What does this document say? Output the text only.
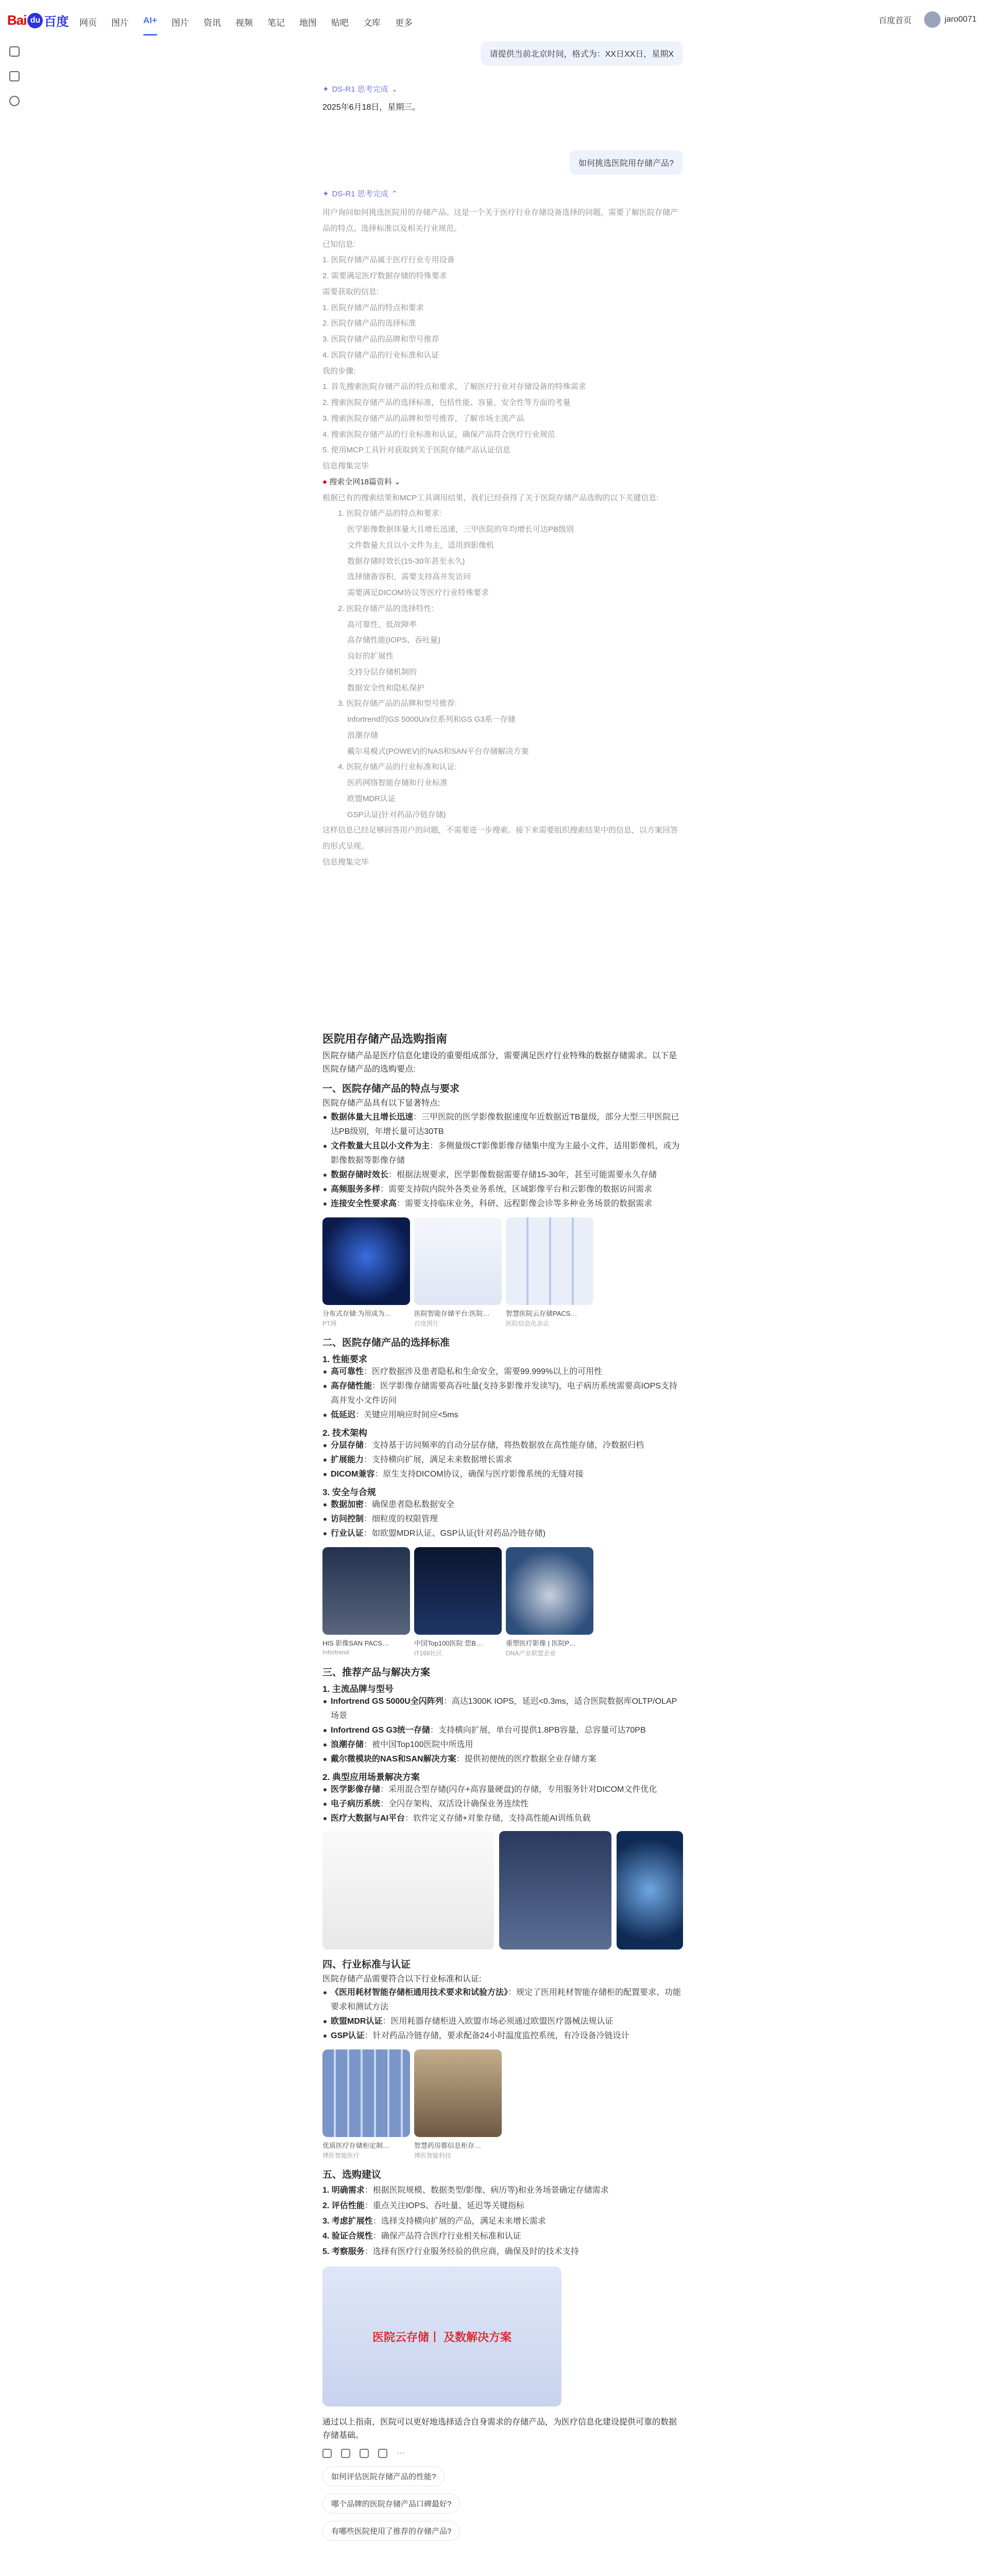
Bai du 百度	网页	图片	AI+	图片	资讯	视频	笔记	地图	贴吧	文库	更多	百度首页	jaro0071
请提供当前北京时间，格式为：XX日XX日，星期X
✦ DS-R1 思考完成 ⌄

2025年6月18日，星期三。

如何挑选医院用存储产品?
✦ DS-R1 思考完成 ⌃
用户询问如何挑选医院用的存储产品。这是一个关于医疗行业存储设备选择的问题，需要了解医院存储产品的特点、选择标准以及相关行业规范。
已知信息:
1. 医院存储产品属于医疗行业专用设备
2. 需要满足医疗数据存储的特殊要求
需要获取的信息:
1. 医院存储产品的特点和要求
2. 医院存储产品的选择标准
3. 医院存储产品的品牌和型号推荐
4. 医院存储产品的行业标准和认证
我的步骤:
1. 首先搜索医院存储产品的特点和要求，了解医疗行业对存储设备的特殊需求
2. 搜索医院存储产品的选择标准，包括性能、容量、安全性等方面的考量
3. 搜索医院存储产品的品牌和型号推荐，了解市场主流产品
4. 搜索医院存储产品的行业标准和认证，确保产品符合医疗行业规范
5. 使用MCP工具针对获取到关于医院存储产品认证信息
信息搜集完毕
● 搜索全网18篇资料 ⌄
根据已有的搜索结果和MCP工具调用结果，我们已经获得了关于医院存储产品选购的以下关键信息:
1. 医院存储产品的特点和要求:
医学影像数据体量大且增长迅速，三甲医院的年均增长可达PB级别
文件数量大且以小文件为主，适用到影像机
数据存储时效长(15-30年甚至永久)
选择储备容积，需要支持高并发访问
需要满足DICOM协议等医疗行业特殊要求
2. 医院存储产品的选择特性:
高可靠性、低故障率
高存储性能(IOPS、吞吐量)
良好的扩展性
支持分层存储机制的
数据安全性和隐私保护
3. 医院存储产品的品牌和型号推荐:
Infortrend的GS 5000U/x位系列和GS G3系一存储
浪潮存储
戴尔易模式(POWEV)的NAS和SAN平台存储解决方案
4. 医院存储产品的行业标准和认证:
医药网络智能存储和行业标准
欧盟MDR认证
GSP认证(针对药品冷链存储)
这样信息已经足够回答用户的问题，不需要进一步搜索。接下来需要组织搜索结果中的信息，以方案回答的形式呈现。
信息搜集完毕
医院用存储产品选购指南

医院存储产品是医疗信息化建设的重要组成部分，需要满足医疗行业特殊的数据存储需求。以下是医院存储产品的选购要点:

一、医院存储产品的特点与要求

医院存储产品具有以下显著特点:

数据体量大且增长迅速：三甲医院的医学影像数据速度年近数据近TB量级，部分大型三甲医院已达PB级别，年增长量可达30TB
文件数量大且以小文件为主：多侧量级CT影像影像存储集中度为主最小文件，适用影像机，或为影像数据等影像存储
数据存储时效长：根据法规要求，医学影像数据需要存储15-30年，甚至可能需要永久存储
高频服务多样：需要支持院内院外各类业务系统，区域影像平台和云影像的数据访问需求
连接安全性要求高：需要支持临床业务，科研、远程影像会诊等多种业务场景的数据需求
分布式存储:为用成为…
PT网
医院智能存储平台:医院…
百度图片
智慧医院云存储PACS…
医院信息化杂志
二、医院存储产品的选择标准
1. 性能要求
高可靠性：医疗数据涉及患者隐私和生命安全，需要99.999%以上的可用性
高存储性能：医学影像存储需要高吞吐量(支持多影像并发读写)，电子病历系统需要高IOPS支持高并发小文件访问
低延迟：关键应用响应时间应<5ms
2. 技术架构
分层存储：支持基于访问频率的自动分层存储，将热数据放在高性能存储，冷数据归档
扩展能力：支持横向扩展，满足未来数据增长需求
DICOM兼容：原生支持DICOM协议，确保与医疗影像系统的无缝对接
3. 安全与合规
数据加密：确保患者隐私数据安全
访问控制：细粒度的权限管理
行业认证：如欧盟MDR认证、GSP认证(针对药品冷链存储)
HIS 影像SAN PACS…
Infortrend
中国Top100医院 您B…
IT168社区
重塑医疗影像 | 医院P…
DNA产业联盟企业
三、推荐产品与解决方案
1. 主流品牌与型号
Infortrend GS 5000U全闪阵列：高达1300K IOPS，延迟<0.3ms，适合医院数据库OLTP/OLAP场景
Infortrend GS G3统一存储：支持横向扩展，单台可提供1.8PB容量，总容量可达70PB
浪潮存储：被中国Top100医院中所选用
戴尔微模块的NAS和SAN解决方案：提供初便统的医疗数据全业存储方案
2. 典型应用场景解决方案
医学影像存储：采用混合型存储(闪存+高容量硬盘)的存储，专用服务针对DICOM文件优化
电子病历系统：全闪存架构，双活设计确保业务连续性
医疗大数据与AI平台：软件定义存储+对象存储，支持高性能AI训练负载
四、行业标准与认证

医院存储产品需要符合以下行业标准和认证:

《医用耗材智能存储柜通用技术要求和试验方法》：规定了医用耗材智能存储柜的配置要求、功能要求和测试方法
欧盟MDR认证：医用耗器存储柜进入欧盟市场必须通过欧盟医疗器械法规认证
GSP认证：针对药品冷链存储，要求配备24小时温度监控系统，有冷设备冷链设计
优质医疗存储柜定制…
博医智能医疗
智慧药房都信息柜存…
博医智能科技
五、选购建议
1. 明确需求：根据医院规模、数据类型/影像、病历等)和业务场景确定存储需求
2. 评估性能：重点关注IOPS、吞吐量、延迟等关键指标
3. 考虑扩展性：选择支持横向扩展的产品，满足未来增长需求
4. 验证合规性：确保产品符合医疗行业相关标准和认证
5. 考察服务：选择有医疗行业服务经验的供应商，确保及时的技术支持
医院云存储丨 及数解决方案

通过以上指南，医院可以更好地选择适合自身需求的存储产品，为医疗信息化建设提供可靠的数据存储基础。

···
如何评估医院存储产品的性能?
哪个品牌的医院存储产品口碑最好?
有哪些医院使用了推荐的存储产品?
